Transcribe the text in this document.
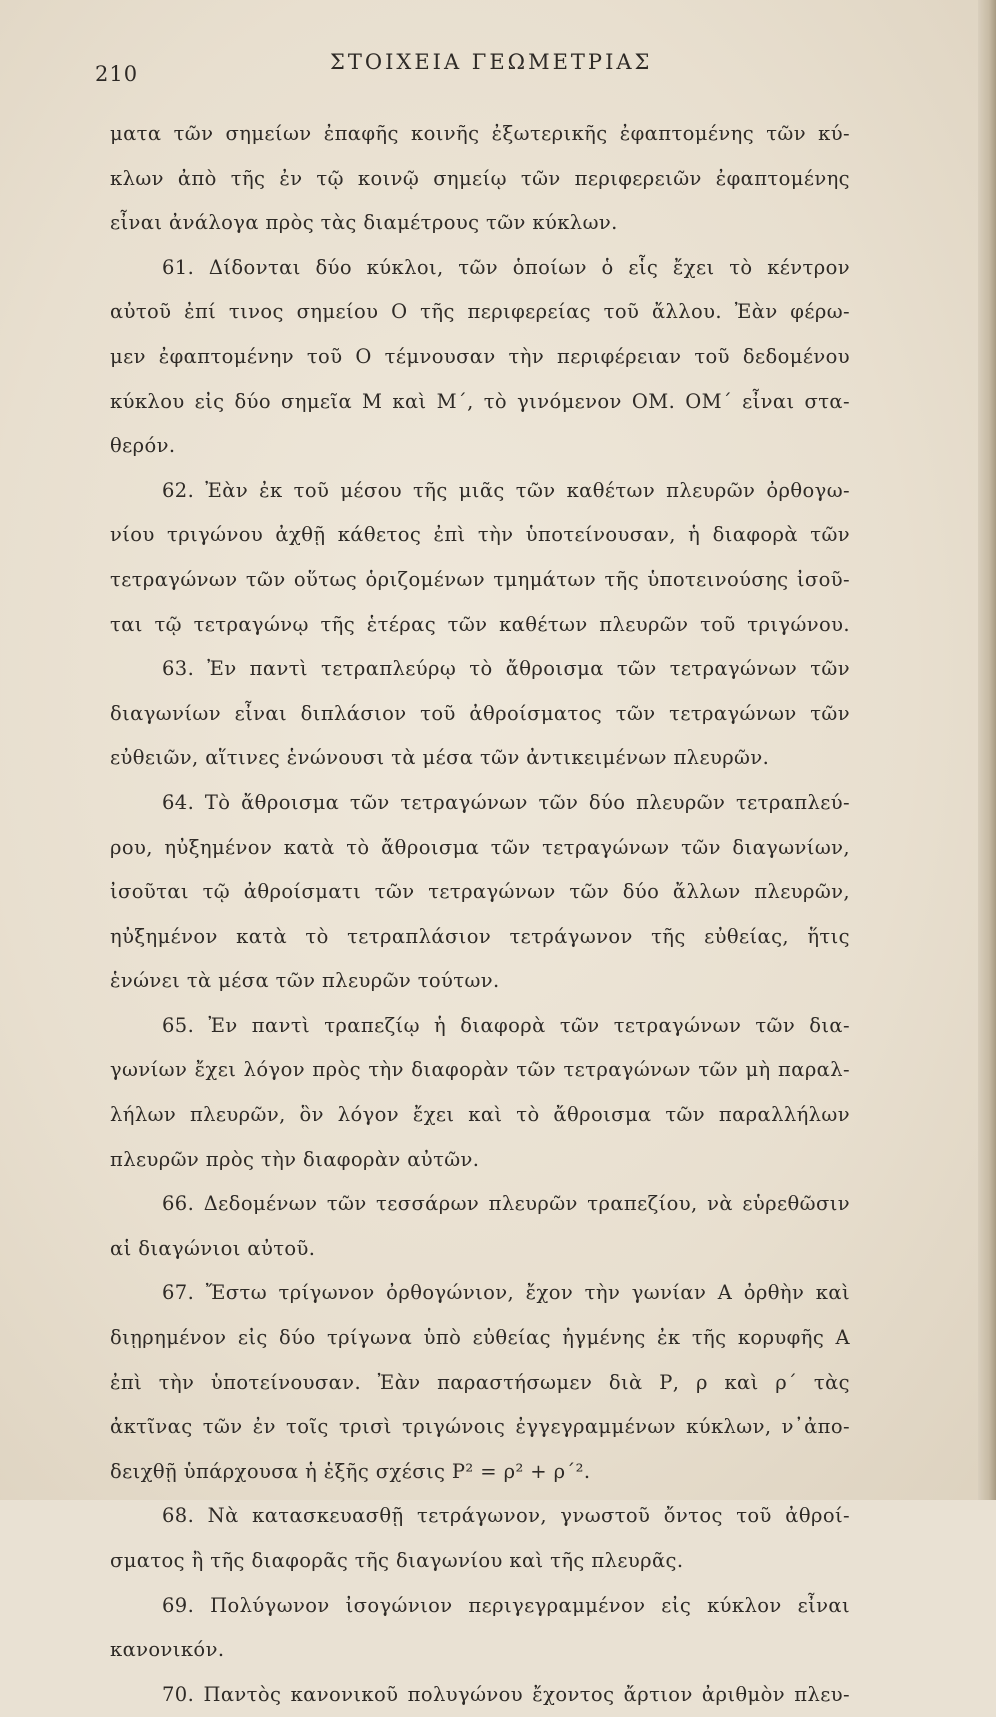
210	ΣΤΟΙΧΕΙΑ ΓΕΩΜΕΤΡΙΑΣ
ματα τῶν σημείων ἐπαφῆς κοινῆς ἐξωτερικῆς ἐφαπτομένης τῶν κύ-
κλων ἀπὸ τῆς ἐν τῷ κοινῷ σημείῳ τῶν περιφερειῶν ἐφαπτομένης
εἶναι ἀνάλογα πρὸς τὰς διαμέτρους τῶν κύκλων.
61. Δίδονται δύο κύκλοι, τῶν ὁποίων ὁ εἷς ἔχει τὸ κέντρον
αὐτοῦ ἐπί τινος σημείου Ο τῆς περιφερείας τοῦ ἄλλου. Ἐὰν φέρω-
μεν ἐφαπτομένην τοῦ Ο τέμνουσαν τὴν περιφέρειαν τοῦ δεδομένου
κύκλου εἰς δύο σημεῖα Μ καὶ Μ΄, τὸ γινόμενον ΟΜ. ΟΜ΄ εἶναι στα-
θερόν.
62. Ἐὰν ἐκ τοῦ μέσου τῆς μιᾶς τῶν καθέτων πλευρῶν ὀρθογω-
νίου τριγώνου ἀχθῇ κάθετος ἐπὶ τὴν ὑποτείνουσαν, ἡ διαφορὰ τῶν
τετραγώνων τῶν οὕτως ὁριζομένων τμημάτων τῆς ὑποτεινούσης ἰσοῦ-
ται τῷ τετραγώνῳ τῆς ἑτέρας τῶν καθέτων πλευρῶν τοῦ τριγώνου.
63. Ἐν παντὶ τετραπλεύρῳ τὸ ἄθροισμα τῶν τετραγώνων τῶν
διαγωνίων εἶναι διπλάσιον τοῦ ἀθροίσματος τῶν τετραγώνων τῶν
εὐθειῶν, αἵτινες ἑνώνουσι τὰ μέσα τῶν ἀντικειμένων πλευρῶν.
64. Τὸ ἄθροισμα τῶν τετραγώνων τῶν δύο πλευρῶν τετραπλεύ-
ρου, ηὐξημένον κατὰ τὸ ἄθροισμα τῶν τετραγώνων τῶν διαγωνίων,
ἰσοῦται τῷ ἀθροίσματι τῶν τετραγώνων τῶν δύο ἄλλων πλευρῶν,
ηὐξημένον κατὰ τὸ τετραπλάσιον τετράγωνον τῆς εὐθείας, ἥτις
ἑνώνει τὰ μέσα τῶν πλευρῶν τούτων.
65. Ἐν παντὶ τραπεζίῳ ἡ διαφορὰ τῶν τετραγώνων τῶν δια-
γωνίων ἔχει λόγον πρὸς τὴν διαφορὰν τῶν τετραγώνων τῶν μὴ παραλ-
λήλων πλευρῶν, ὃν λόγον ἔχει καὶ τὸ ἄθροισμα τῶν παραλλήλων
πλευρῶν πρὸς τὴν διαφορὰν αὐτῶν.
66. Δεδομένων τῶν τεσσάρων πλευρῶν τραπεζίου, νὰ εὑρεθῶσιν
αἱ διαγώνιοι αὐτοῦ.
67. Ἔστω τρίγωνον ὀρθογώνιον, ἔχον τὴν γωνίαν Α ὀρθὴν καὶ
διῃρημένον εἰς δύο τρίγωνα ὑπὸ εὐθείας ἠγμένης ἐκ τῆς κορυφῆς Α
ἐπὶ τὴν ὑποτείνουσαν. Ἐὰν παραστήσωμεν διὰ Ρ, ρ καὶ ρ΄ τὰς
ἀκτῖνας τῶν ἐν τοῖς τρισὶ τριγώνοις ἐγγεγραμμένων κύκλων, ν᾽ἀπο-
δειχθῇ ὑπάρχουσα ἡ ἑξῆς σχέσις Ρ² = ρ² + ρ΄².
68. Νὰ κατασκευασθῇ τετράγωνον, γνωστοῦ ὄντος τοῦ ἀθροί-
σματος ἢ τῆς διαφορᾶς τῆς διαγωνίου καὶ τῆς πλευρᾶς.
69. Πολύγωνον ἰσογώνιον περιγεγραμμένον εἰς κύκλον εἶναι
κανονικόν.
70. Παντὸς κανονικοῦ πολυγώνου ἔχοντος ἄρτιον ἀριθμὸν πλευ-
